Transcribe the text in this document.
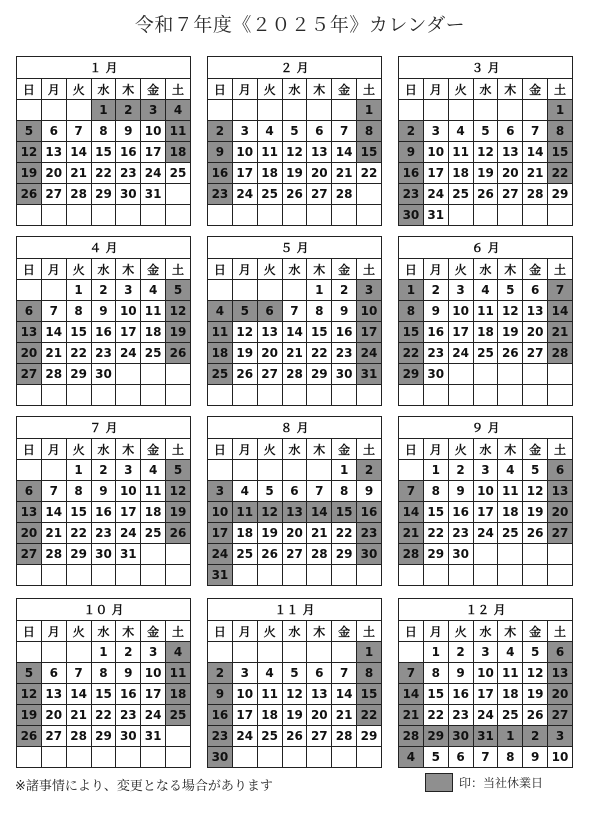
令和７年度《２０２５年》カレンダー
１ 月
日	月	火	水	木	金	土
			1	2	3	4
5	6	7	8	9	10	11
12	13	14	15	16	17	18
19	20	21	22	23	24	25
26	27	28	29	30	31	

２ 月
日	月	火	水	木	金	土
						1
2	3	4	5	6	7	8
9	10	11	12	13	14	15
16	17	18	19	20	21	22
23	24	25	26	27	28	

３ 月
日	月	火	水	木	金	土
						1
2	3	4	5	6	7	8
9	10	11	12	13	14	15
16	17	18	19	20	21	22
23	24	25	26	27	28	29
30	31					
４ 月
日	月	火	水	木	金	土
		1	2	3	4	5
6	7	8	9	10	11	12
13	14	15	16	17	18	19
20	21	22	23	24	25	26
27	28	29	30			

５ 月
日	月	火	水	木	金	土
				1	2	3
4	5	6	7	8	9	10
11	12	13	14	15	16	17
18	19	20	21	22	23	24
25	26	27	28	29	30	31

６ 月
日	月	火	水	木	金	土
1	2	3	4	5	6	7
8	9	10	11	12	13	14
15	16	17	18	19	20	21
22	23	24	25	26	27	28
29	30					

７ 月
日	月	火	水	木	金	土
		1	2	3	4	5
6	7	8	9	10	11	12
13	14	15	16	17	18	19
20	21	22	23	24	25	26
27	28	29	30	31		

８ 月
日	月	火	水	木	金	土
					1	2
3	4	5	6	7	8	9
10	11	12	13	14	15	16
17	18	19	20	21	22	23
24	25	26	27	28	29	30
31						
９ 月
日	月	火	水	木	金	土
	1	2	3	4	5	6
7	8	9	10	11	12	13
14	15	16	17	18	19	20
21	22	23	24	25	26	27
28	29	30				

１０ 月
日	月	火	水	木	金	土
			1	2	3	4
5	6	7	8	9	10	11
12	13	14	15	16	17	18
19	20	21	22	23	24	25
26	27	28	29	30	31	

１１ 月
日	月	火	水	木	金	土
						1
2	3	4	5	6	7	8
9	10	11	12	13	14	15
16	17	18	19	20	21	22
23	24	25	26	27	28	29
30						
１２ 月
日	月	火	水	木	金	土
	1	2	3	4	5	6
7	8	9	10	11	12	13
14	15	16	17	18	19	20
21	22	23	24	25	26	27
28	29	30	31	1	2	3
4	5	6	7	8	9	10
※諸事情により、変更となる場合があります	印：当社休業日
